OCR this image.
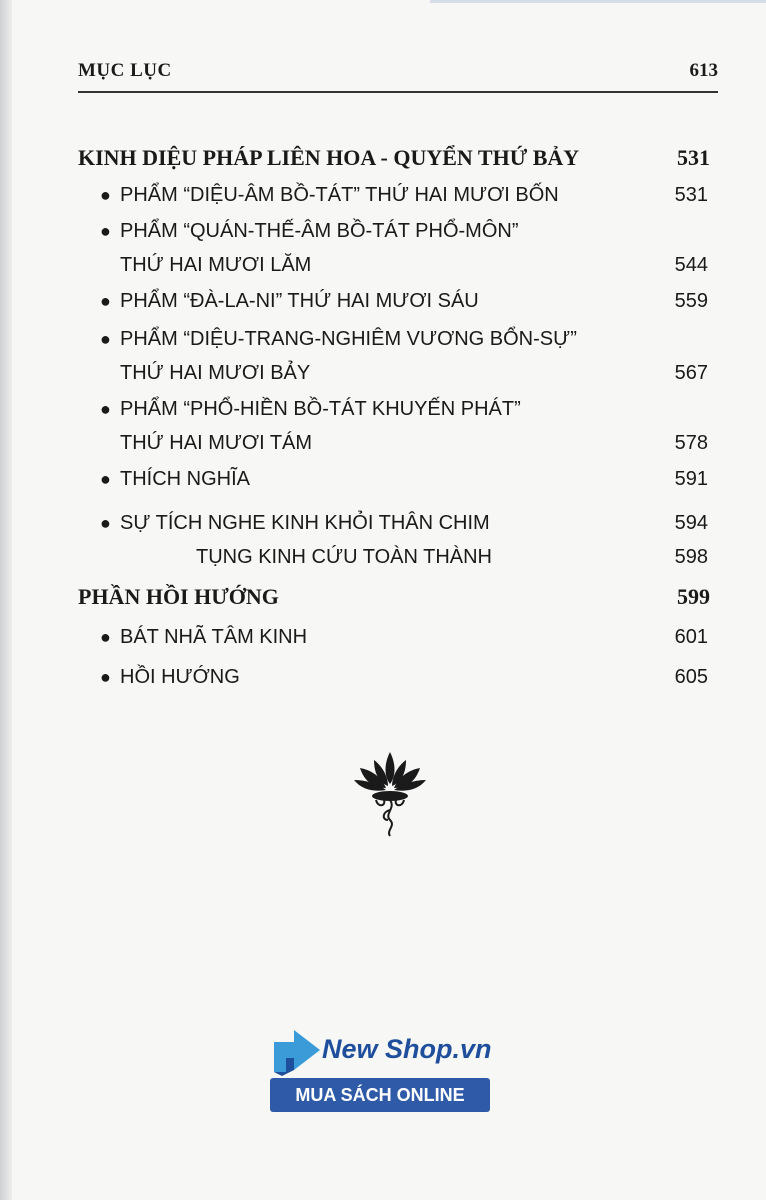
MỤC LỤC	613
KINH DIỆU PHÁP LIÊN HOA - QUYỂN THỨ BẢY	531
● PHẨM “DIỆU-ÂM BỒ-TÁT” THỨ HAI MƯƠI BỐN	531
● PHẨM “QUÁN-THẾ-ÂM BỒ-TÁT PHỔ-MÔN”
THỨ HAI MƯƠI LĂM	544
● PHẨM “ĐÀ-LA-NI” THỨ HAI MƯƠI SÁU	559
● PHẨM “DIỆU-TRANG-NGHIÊM VƯƠNG BỔN-SỰ”
THỨ HAI MƯƠI BẢY	567
● PHẨM “PHỔ-HIỀN BỒ-TÁT KHUYẾN PHÁT”
THỨ HAI MƯƠI TÁM	578
● THÍCH NGHĨA	591
● SỰ TÍCH NGHE KINH KHỎI THÂN CHIM	594
TỤNG KINH CỨU TOÀN THÀNH	598
PHẦN HỒI HƯỚNG	599
● BÁT NHÃ TÂM KINH	601
● HỒI HƯỚNG	605
New Shop.vn
MUA SÁCH ONLINE
